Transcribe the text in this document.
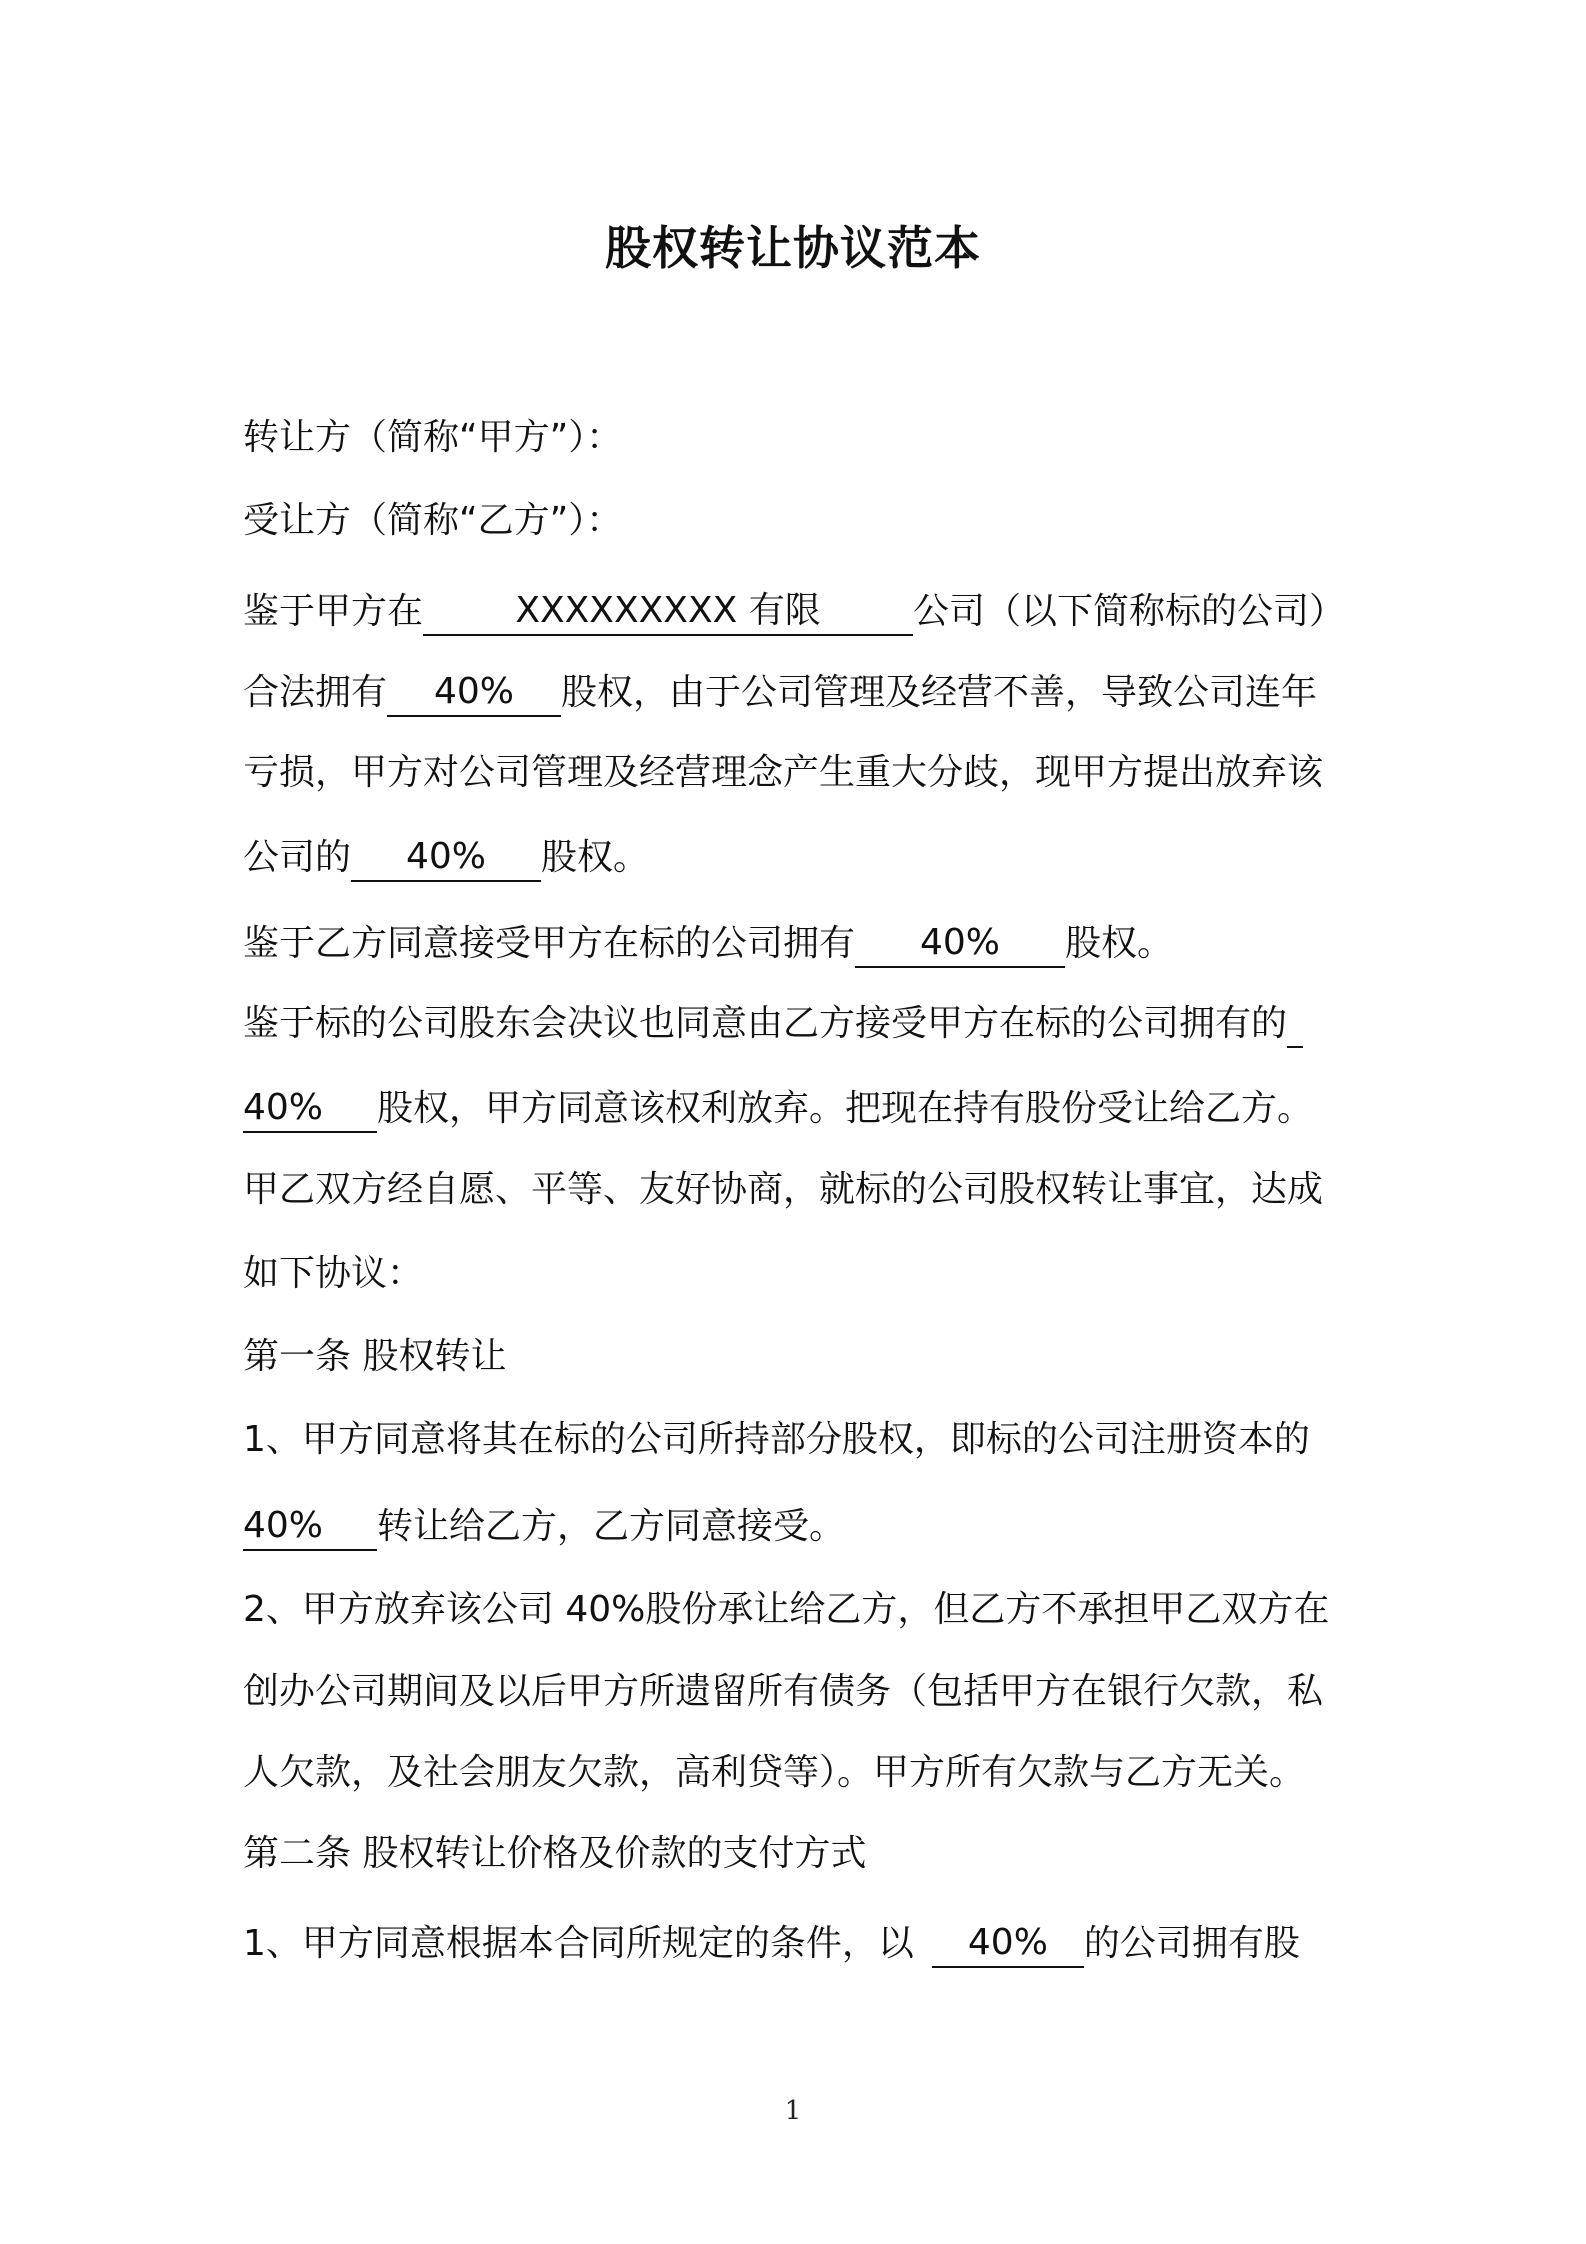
股权转让协议范本
转让方（简称“甲方”）：
受让方（简称“乙方”）：
鉴于甲方在	XXXXXXXXX 有限	公司（以下简称标的公司）
合法拥有 40% 股权，由于公司管理及经营不善，导致公司连年
亏损，甲方对公司管理及经营理念产生重大分歧，现甲方提出放弃该
公司的 40% 股权。
鉴于乙方同意接受甲方在标的公司拥有 40% 股权。
鉴于标的公司股东会决议也同意由乙方接受甲方在标的公司拥有的
40% 股权，甲方同意该权利放弃。把现在持有股份受让给乙方。
甲乙双方经自愿、平等、友好协商，就标的公司股权转让事宜，达成
如下协议：
第一条 股权转让
1、甲方同意将其在标的公司所持部分股权，即标的公司注册资本的
40% 转让给乙方，乙方同意接受。
2、甲方放弃该公司 40%股份承让给乙方，但乙方不承担甲乙双方在
创办公司期间及以后甲方所遗留所有债务（包括甲方在银行欠款，私
人欠款，及社会朋友欠款，高利贷等）。甲方所有欠款与乙方无关。
第二条 股权转让价格及价款的支付方式
1、甲方同意根据本合同所规定的条件，以 40% 的公司拥有股
1
